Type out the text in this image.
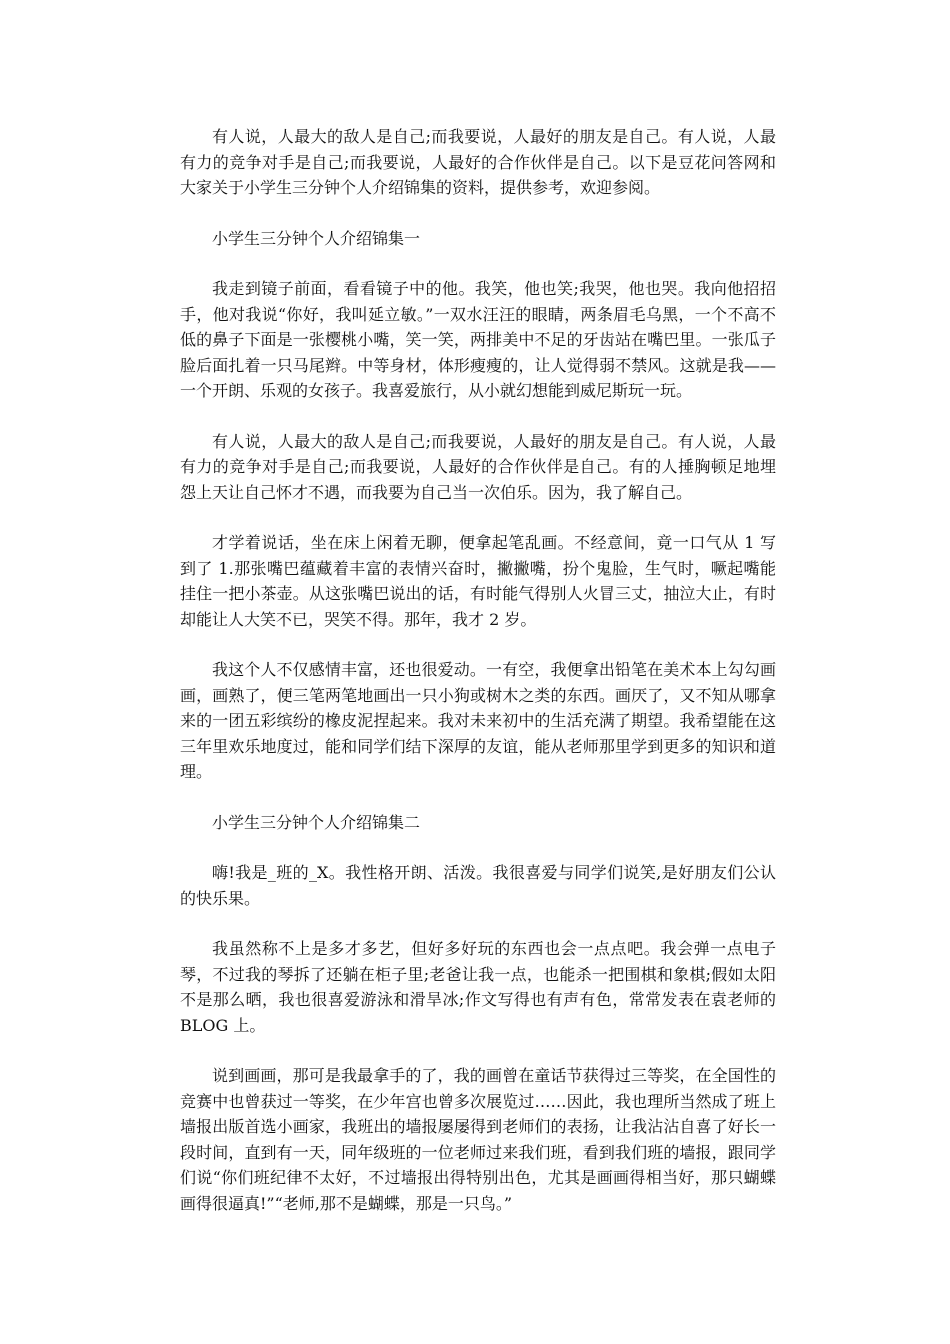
有人说，人最大的敌人是自己;而我要说，人最好的朋友是自己。有人说，人最有力的竞争对手是自己;而我要说，人最好的合作伙伴是自己。以下是豆花问答网和大家关于小学生三分钟个人介绍锦集的资料，提供参考，欢迎参阅。

小学生三分钟个人介绍锦集一

我走到镜子前面，看看镜子中的他。我笑，他也笑;我哭，他也哭。我向他招招手，他对我说“你好，我叫延立敏。”一双水汪汪的眼睛，两条眉毛乌黑，一个不高不低的鼻子下面是一张樱桃小嘴，笑一笑，两排美中不足的牙齿站在嘴巴里。一张瓜子脸后面扎着一只马尾辫。中等身材，体形瘦瘦的，让人觉得弱不禁风。这就是我——一个开朗、乐观的女孩子。我喜爱旅行，从小就幻想能到威尼斯玩一玩。

有人说，人最大的敌人是自己;而我要说，人最好的朋友是自己。有人说，人最有力的竞争对手是自己;而我要说，人最好的合作伙伴是自己。有的人捶胸顿足地埋怨上天让自己怀才不遇，而我要为自己当一次伯乐。因为，我了解自己。

才学着说话，坐在床上闲着无聊，便拿起笔乱画。不经意间，竟一口气从 1 写到了 1.那张嘴巴蕴藏着丰富的表情兴奋时，撇撇嘴，扮个鬼脸，生气时，噘起嘴能挂住一把小茶壶。从这张嘴巴说出的话，有时能气得别人火冒三丈，抽泣大止，有时却能让人大笑不已，哭笑不得。那年，我才 2 岁。

我这个人不仅感情丰富，还也很爱动。一有空，我便拿出铅笔在美术本上勾勾画画，画熟了，便三笔两笔地画出一只小狗或树木之类的东西。画厌了，又不知从哪拿来的一团五彩缤纷的橡皮泥捏起来。我对未来初中的生活充满了期望。我希望能在这三年里欢乐地度过，能和同学们结下深厚的友谊，能从老师那里学到更多的知识和道理。

小学生三分钟个人介绍锦集二

嗨!我是_班的_X。我性格开朗、活泼。我很喜爱与同学们说笑,是好朋友们公认的快乐果。

我虽然称不上是多才多艺，但好多好玩的东西也会一点点吧。我会弹一点电子琴，不过我的琴拆了还躺在柜子里;老爸让我一点，也能杀一把围棋和象棋;假如太阳不是那么晒，我也很喜爱游泳和滑旱冰;作文写得也有声有色，常常发表在袁老师的 BLOG 上。

说到画画，那可是我最拿手的了，我的画曾在童话节获得过三等奖，在全国性的竞赛中也曾获过一等奖，在少年宫也曾多次展览过……因此，我也理所当然成了班上墙报出版首选小画家，我班出的墙报屡屡得到老师们的表扬，让我沾沾自喜了好长一段时间，直到有一天，同年级班的一位老师过来我们班，看到我们班的墙报，跟同学们说“你们班纪律不太好，不过墙报出得特别出色，尤其是画画得相当好，那只蝴蝶画得很逼真!”“老师,那不是蝴蝶，那是一只鸟。”
